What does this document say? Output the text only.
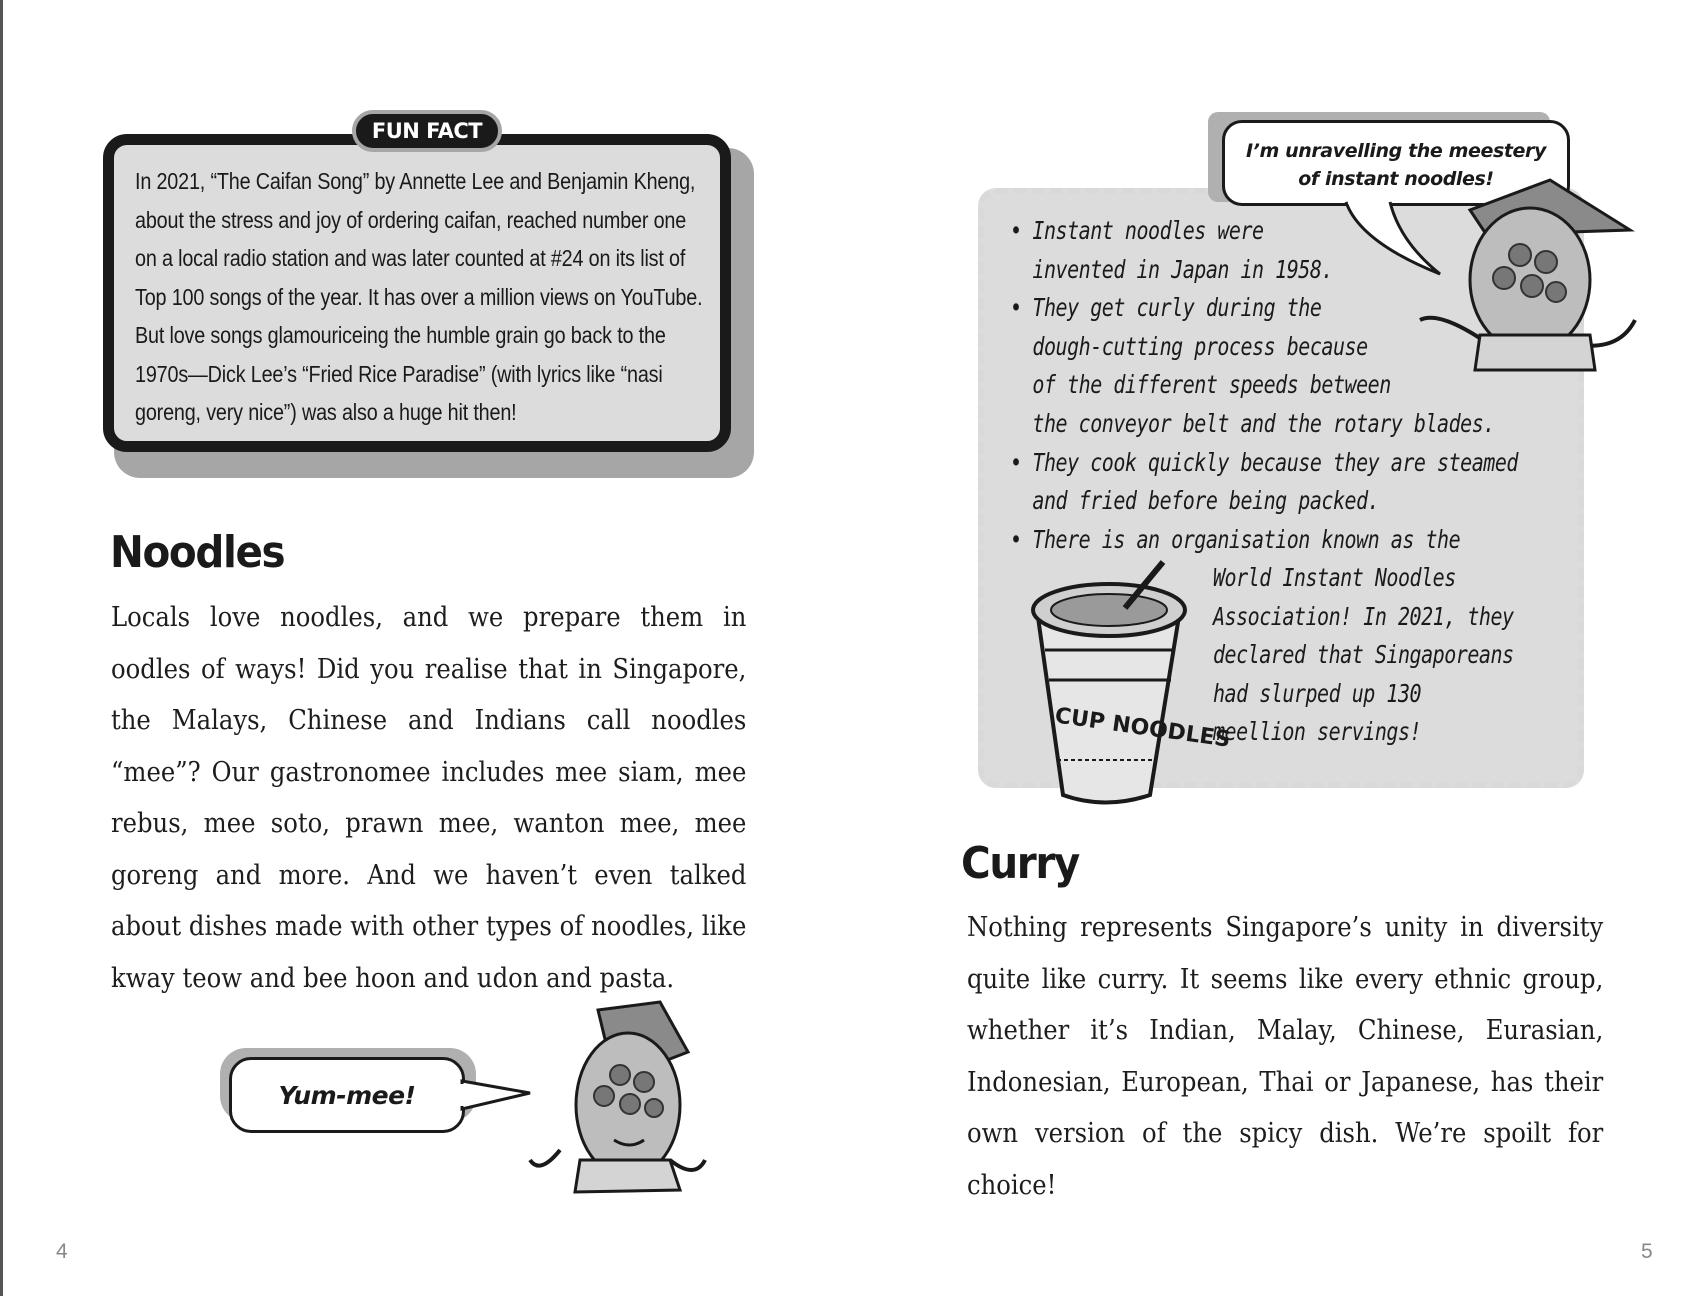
FUN FACT

In 2021, “The Caifan Song” by Annette Lee and Benjamin Kheng, about the stress and joy of ordering caifan, reached number one on a local radio station and was later counted at #24 on its list of Top 100 songs of the year. It has over a million views on YouTube. But love songs glamouriceing the humble grain go back to the 1970s—Dick Lee’s “Fried Rice Paradise” (with lyrics like “nasi goreng, very nice”) was also a huge hit then!

Noodles

Locals love noodles, and we prepare them in oodles of ways! Did you realise that in Singapore, the Malays, Chinese and Indians call noodles “mee”? Our gastronomee includes mee siam, mee rebus, mee soto, prawn mee, wanton mee, mee goreng and more. And we haven’t even talked about dishes made with other types of noodles, like kway teow and bee hoon and udon and pasta.

Yum-mee!
• Instant noodles were
invented in Japan in 1958.
• They get curly during the
dough-cutting process because
of the different speeds between
the conveyor belt and the rotary blades.
• They cook quickly because they are steamed
and fried before being packed.
• There is an organisation known as the
World Instant Noodles
Association! In 2021, they
declared that Singaporeans
had slurped up 130
meellion servings!
CUP NOODLES
I’m unravelling the meestery
of instant noodles!
Curry

Nothing represents Singapore’s unity in diversity quite like curry. It seems like every ethnic group, whether it’s Indian, Malay, Chinese, Eurasian, Indonesian, European, Thai or Japanese, has their own version of the spicy dish. We’re spoilt for choice!

4	5
